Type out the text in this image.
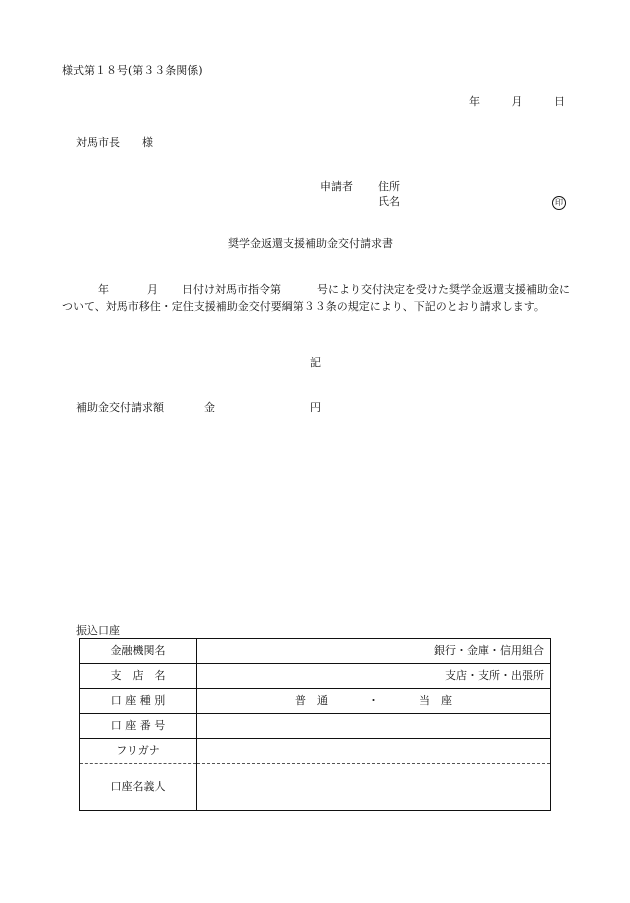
様式第１８号(第３３条関係)
年	月	日
対馬市長 様
申請者 住所
氏名	印
奨学金返還支援補助金交付請求書
年	月 日付け対馬市指令第	号により交付決定を受けた奨学金返還支援補助金について、対馬市移住・定住支援補助金交付要綱第３３条の規定により、下記のとおり請求します。
記
補助金交付請求額	金	円
振込口座
金融機関名	銀行・金庫・信用組合
支　店　名	支店・支所・出張所
口 座 種 別	普　通 ・ 当　座
口 座 番 号	
フリガナ	
口座名義人	
